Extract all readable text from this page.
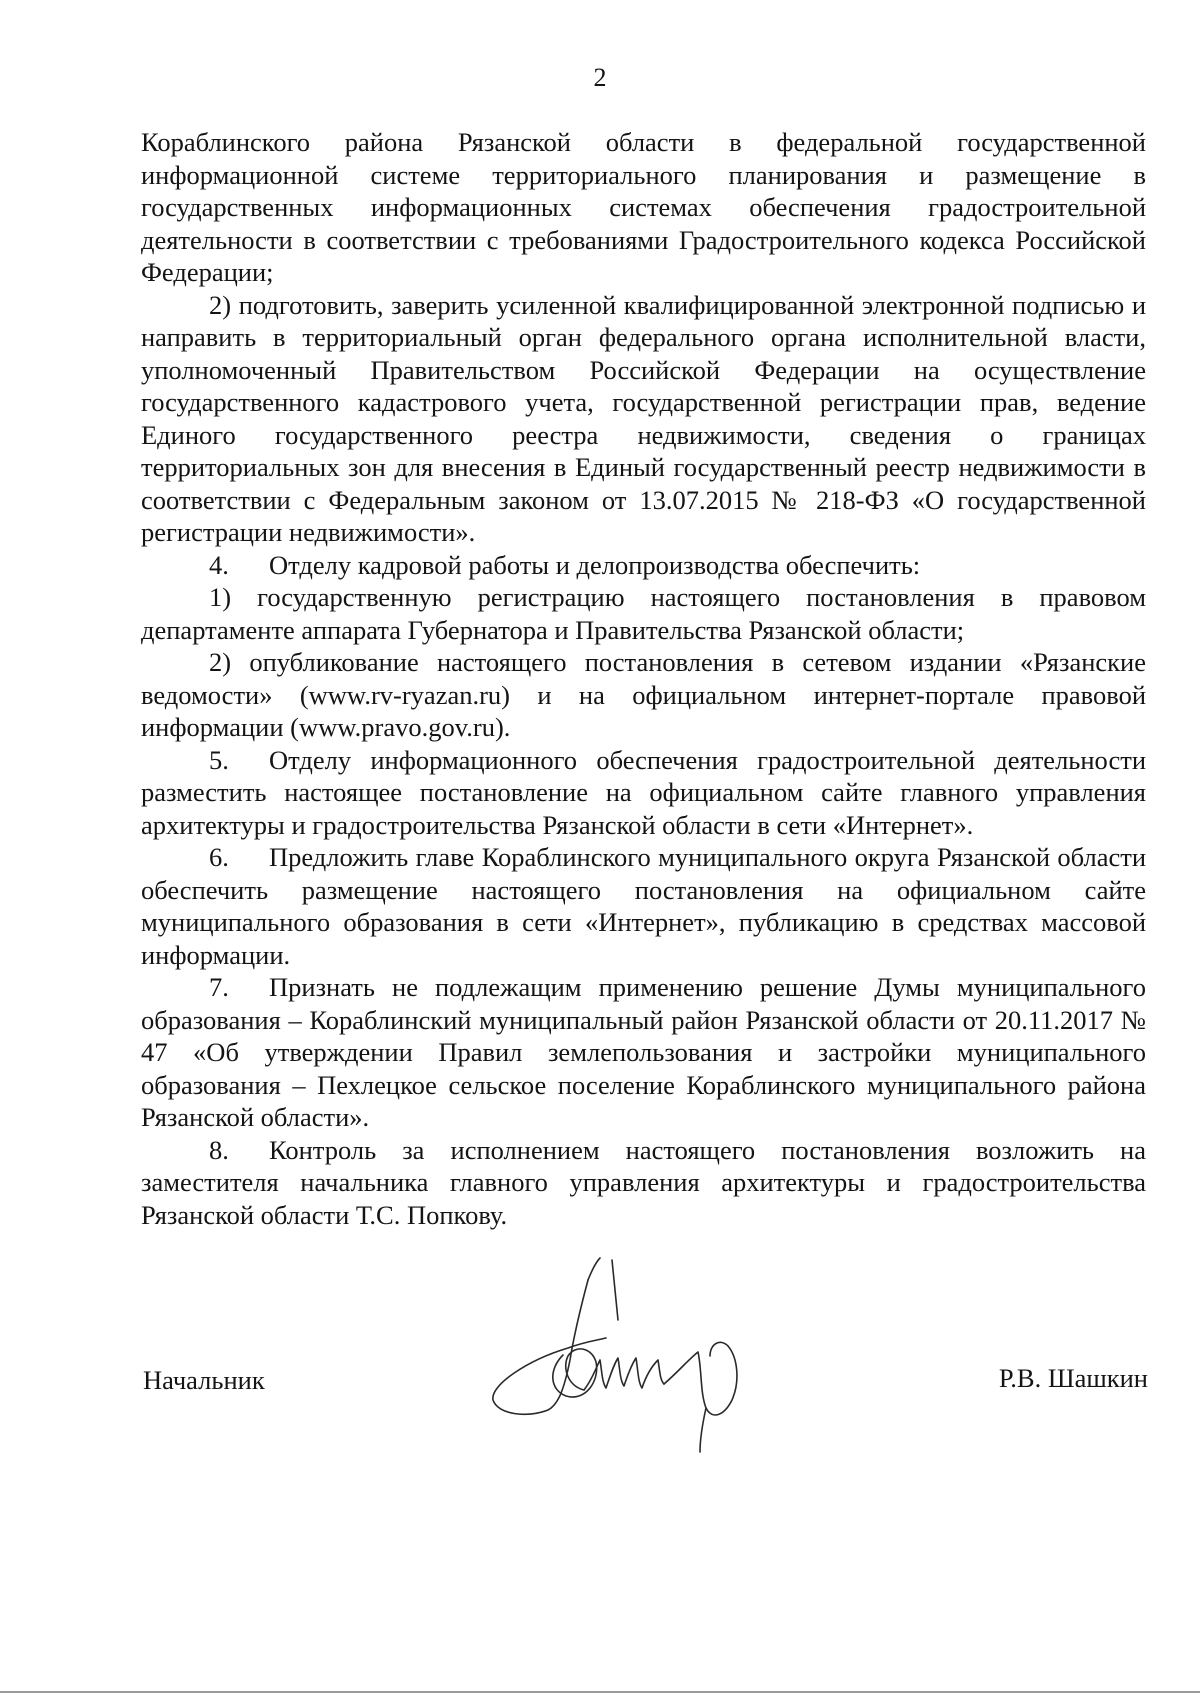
2

Кораблинского района Рязанской области в федеральной государственной информационной системе территориального планирования и размещение в государственных информационных системах обеспечения градостроительной деятельности в соответствии с требованиями Градостроительного кодекса Российской Федерации;

2) подготовить, заверить усиленной квалифицированной электронной подписью и направить в территориальный орган федерального органа исполнительной власти, уполномоченный Правительством Российской Федерации на осуществление государственного кадастрового учета, государственной регистрации прав, ведение Единого государственного реестра недвижимости, сведения о границах территориальных зон для внесения в Единый государственный реестр недвижимости в соответствии с Федеральным законом от 13.07.2015 № 218-ФЗ «О государственной регистрации недвижимости».

4. Отделу кадровой работы и делопроизводства обеспечить:

1) государственную регистрацию настоящего постановления в правовом департаменте аппарата Губернатора и Правительства Рязанской области;

2) опубликование настоящего постановления в сетевом издании «Рязанские ведомости» (www.rv-ryazan.ru) и на официальном интернет-портале правовой информации (www.pravo.gov.ru).

5. Отделу информационного обеспечения градостроительной деятельности разместить настоящее постановление на официальном сайте главного управления архитектуры и градостроительства Рязанской области в сети «Интернет».

6. Предложить главе Кораблинского муниципального округа Рязанской области обеспечить размещение настоящего постановления на официальном сайте муниципального образования в сети «Интернет», публикацию в средствах массовой информации.

7. Признать не подлежащим применению решение Думы муниципального образования – Кораблинский муниципальный район Рязанской области от 20.11.2017 № 47 «Об утверждении Правил землепользования и застройки муниципального образования – Пехлецкое сельское поселение Кораблинского муниципального района Рязанской области».

8. Контроль за исполнением настоящего постановления возложить на заместителя начальника главного управления архитектуры и градостроительства Рязанской области Т.С. Попкову.

Начальник	Р.В. Шашкин
